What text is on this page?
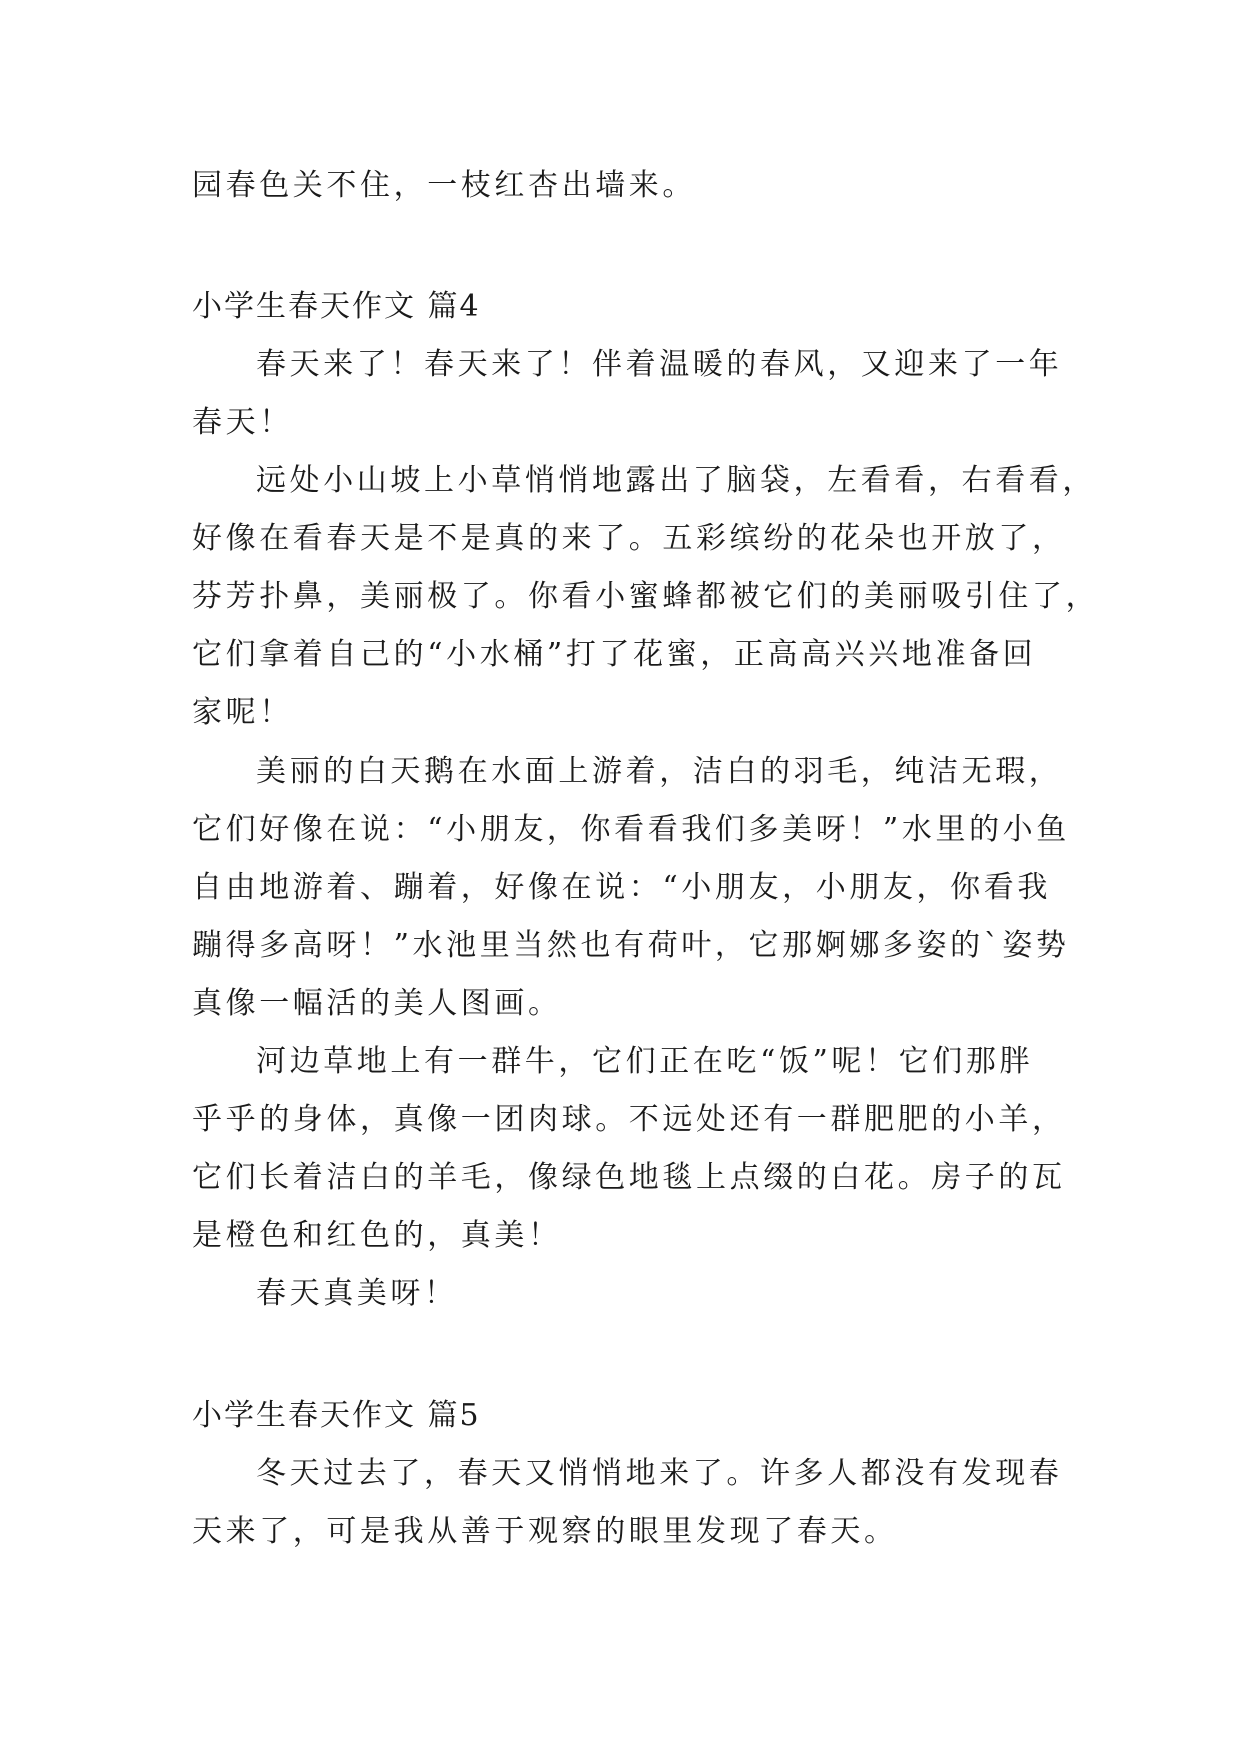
园春色关不住，一枝红杏出墙来。
小学生春天作文 篇4
春天来了！春天来了！伴着温暖的春风，又迎来了一年
春天！
远处小山坡上小草悄悄地露出了脑袋，左看看，右看看，
好像在看春天是不是真的来了。五彩缤纷的花朵也开放了，
芬芳扑鼻，美丽极了。你看小蜜蜂都被它们的美丽吸引住了，
它们拿着自己的“小水桶”打了花蜜，正高高兴兴地准备回
家呢！
美丽的白天鹅在水面上游着，洁白的羽毛，纯洁无瑕，
它们好像在说：“小朋友，你看看我们多美呀！”水里的小鱼
自由地游着、蹦着，好像在说：“小朋友，小朋友，你看我
蹦得多高呀！”水池里当然也有荷叶，它那婀娜多姿的`姿势
真像一幅活的美人图画。
河边草地上有一群牛，它们正在吃“饭”呢！它们那胖
乎乎的身体，真像一团肉球。不远处还有一群肥肥的小羊，
它们长着洁白的羊毛，像绿色地毯上点缀的白花。房子的瓦
是橙色和红色的，真美！
春天真美呀！
小学生春天作文 篇5
冬天过去了，春天又悄悄地来了。许多人都没有发现春
天来了，可是我从善于观察的眼里发现了春天。
